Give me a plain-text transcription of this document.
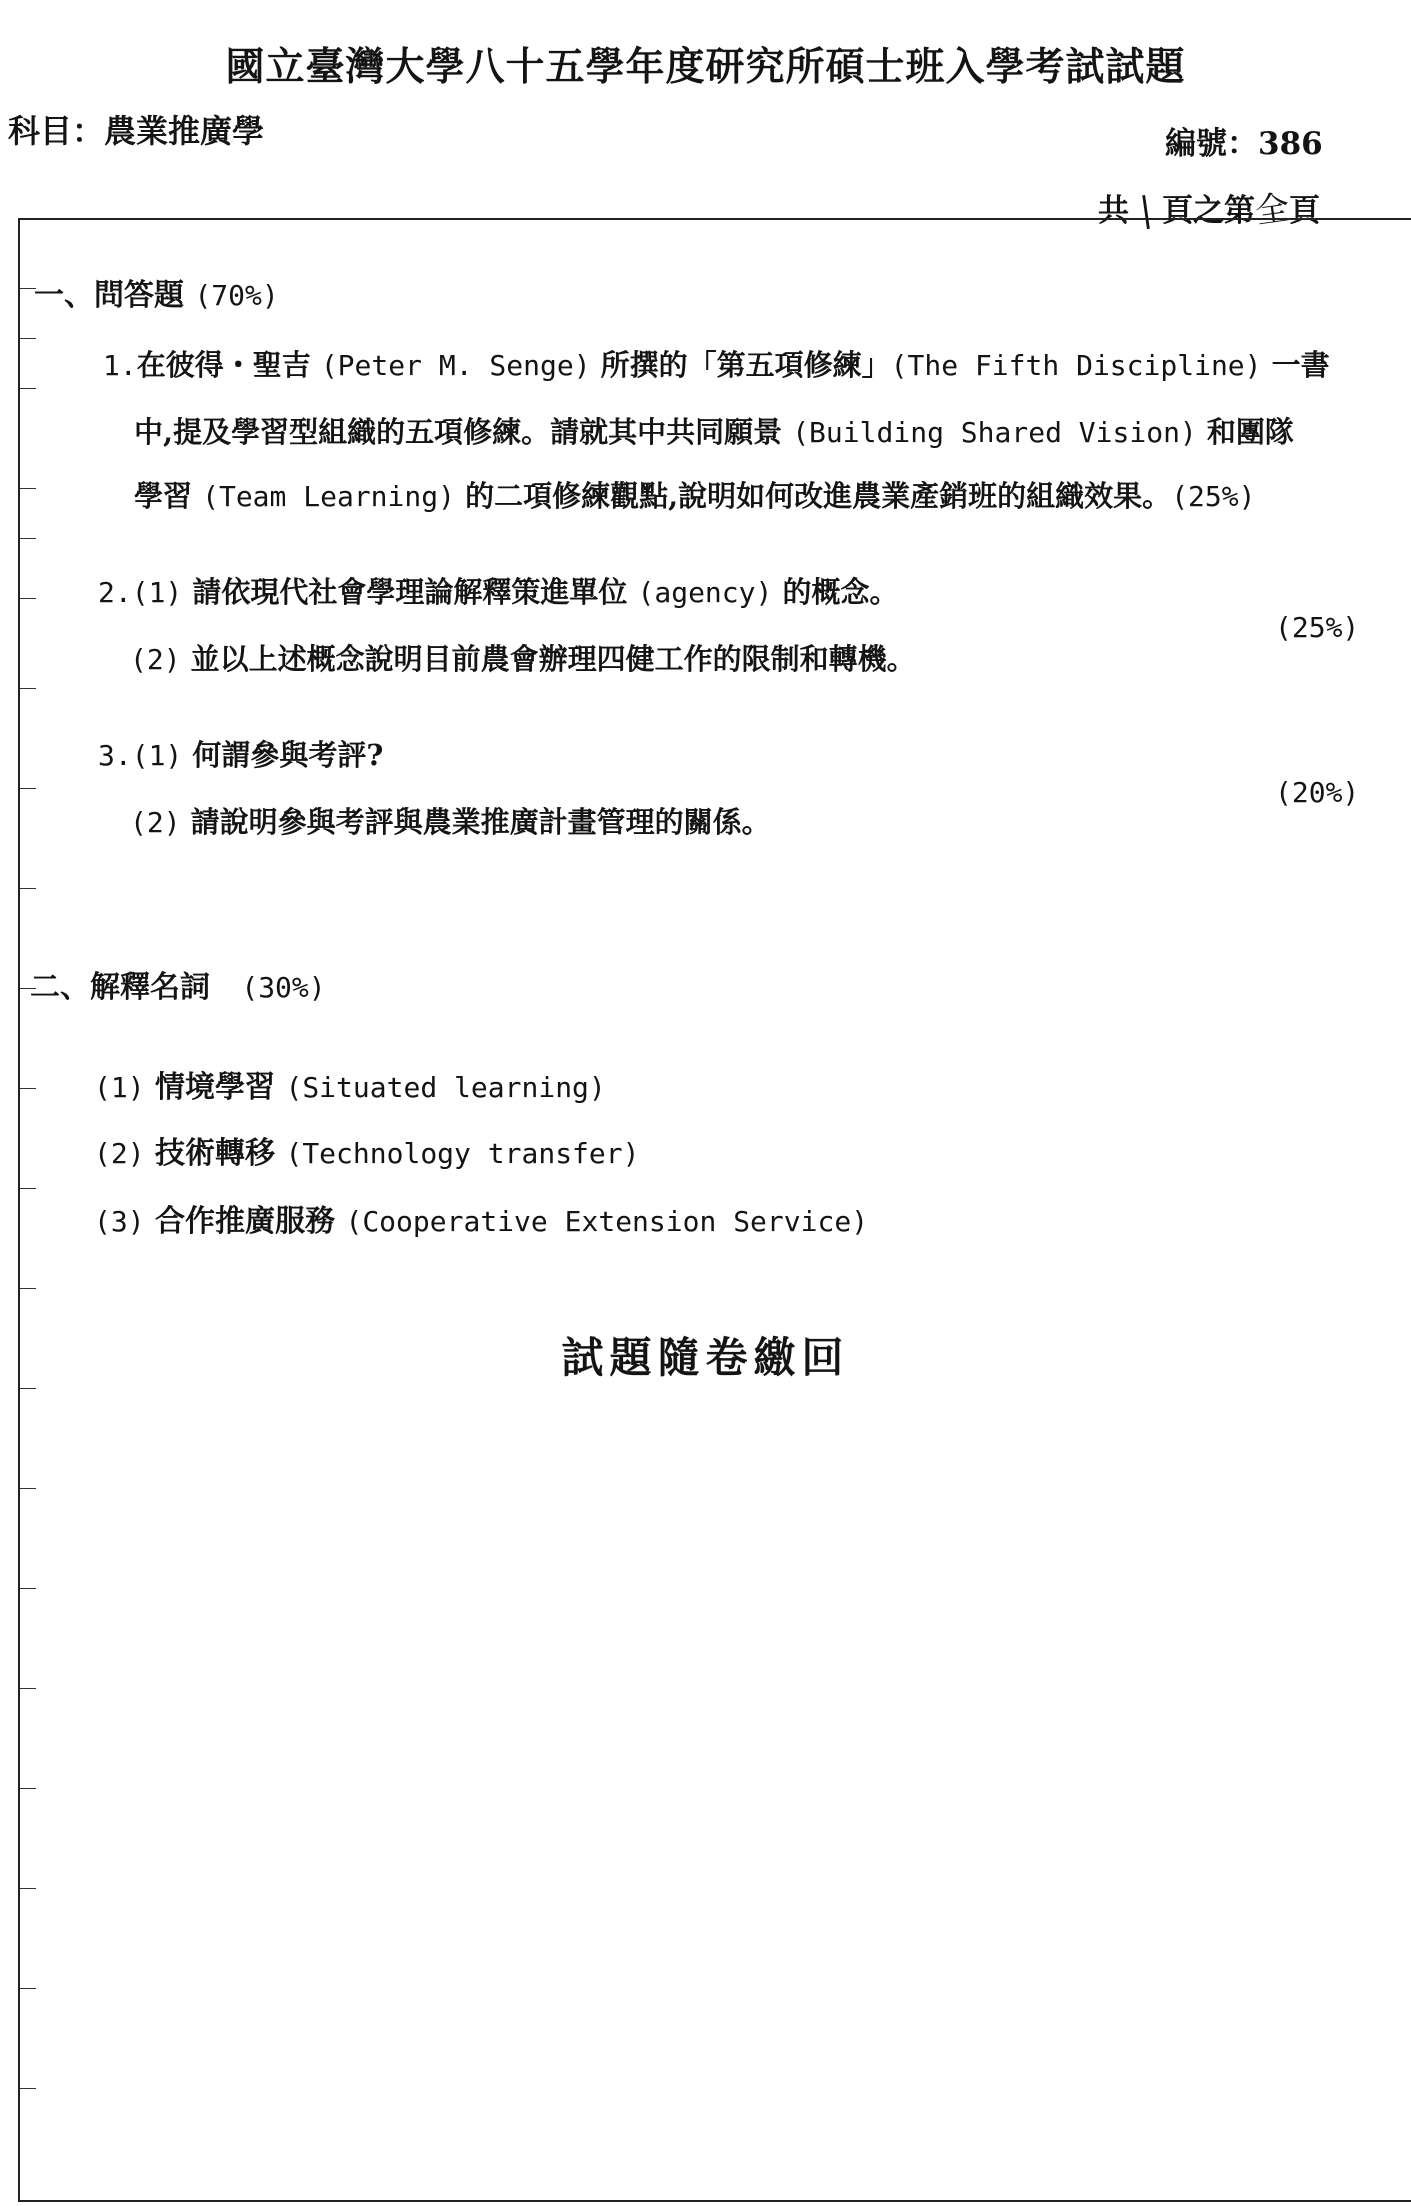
國立臺灣大學八十五學年度研究所碩士班入學考試試題
科目：農業推廣學	編號：386
共 | 頁之第全頁
一、問答題 (70%)
1.在彼得・聖吉 (Peter M. Senge) 所撰的「第五項修練」(The Fifth Discipline) 一書
中,提及學習型組織的五項修練。請就其中共同願景 (Building Shared Vision) 和團隊
學習 (Team Learning) 的二項修練觀點,說明如何改進農業產銷班的組織效果。(25%)
2.(1) 請依現代社會學理論解釋策進單位 (agency) 的概念。
(25%)
(2) 並以上述概念說明目前農會辦理四健工作的限制和轉機。
3.(1) 何謂參與考評?
(20%)
(2) 請說明參與考評與農業推廣計畫管理的關係。
二、解釋名詞 (30%)
(1) 情境學習 (Situated learning)
(2) 技術轉移 (Technology transfer)
(3) 合作推廣服務 (Cooperative Extension Service)
試題隨卷繳回
